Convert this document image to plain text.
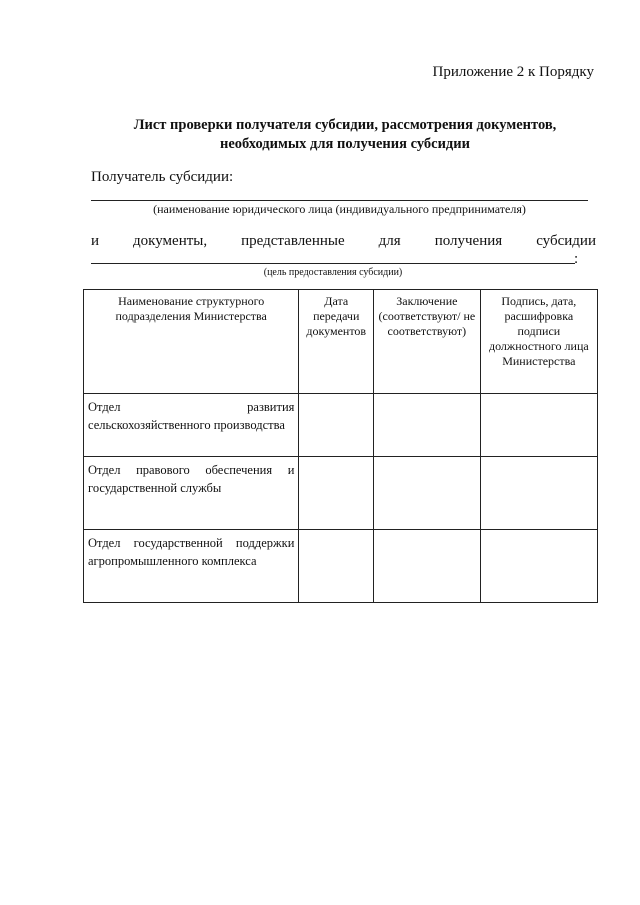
Приложение 2 к Порядку
Лист проверки получателя субсидии, рассмотрения документов,
необходимых для получения субсидии
Получатель субсидии:
(наименование юридического лица (индивидуального предпринимателя)
и документы, представленные для получения субсидии
:
(цель предоставления субсидии)
Наименование структурного подразделения Министерства	Дата передачи документов	Заключение (соответствуют/ не соответствуют)	Подпись, дата, расшифровка подписи должностного лица Министерства
Отдел развития сельскохозяйственного производства			
Отдел правового обеспечения и государственной службы			
Отдел государственной поддержки агропромышленного комплекса			
